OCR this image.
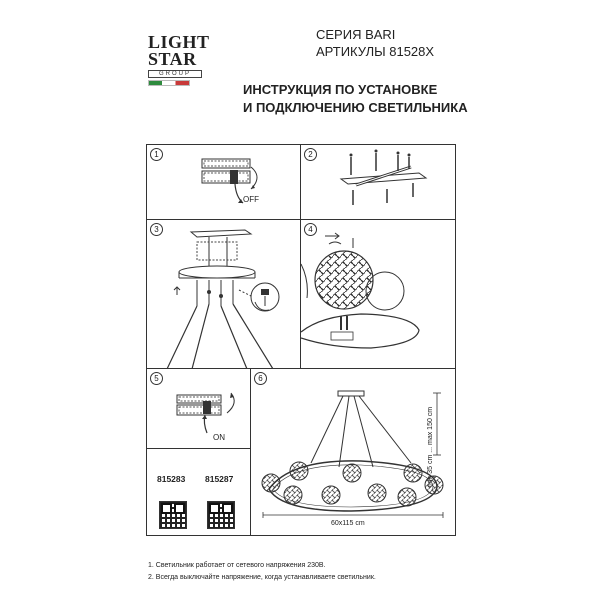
LIGHT
STAR
GROUP
СЕРИЯ BARI
АРТИКУЛЫ 81528X
ИНСТРУКЦИЯ ПО УСТАНОВКЕ
И ПОДКЛЮЧЕНИЮ СВЕТИЛЬНИКА
1
OFF
2
3	4
5
ON
815283 815287
6
min 35 cm ... max 150 cm
60x115 cm
1. Светильник работает от сетевого напряжения 230В.
2. Всегда выключайте напряжение, когда устанавливаете светильник.
